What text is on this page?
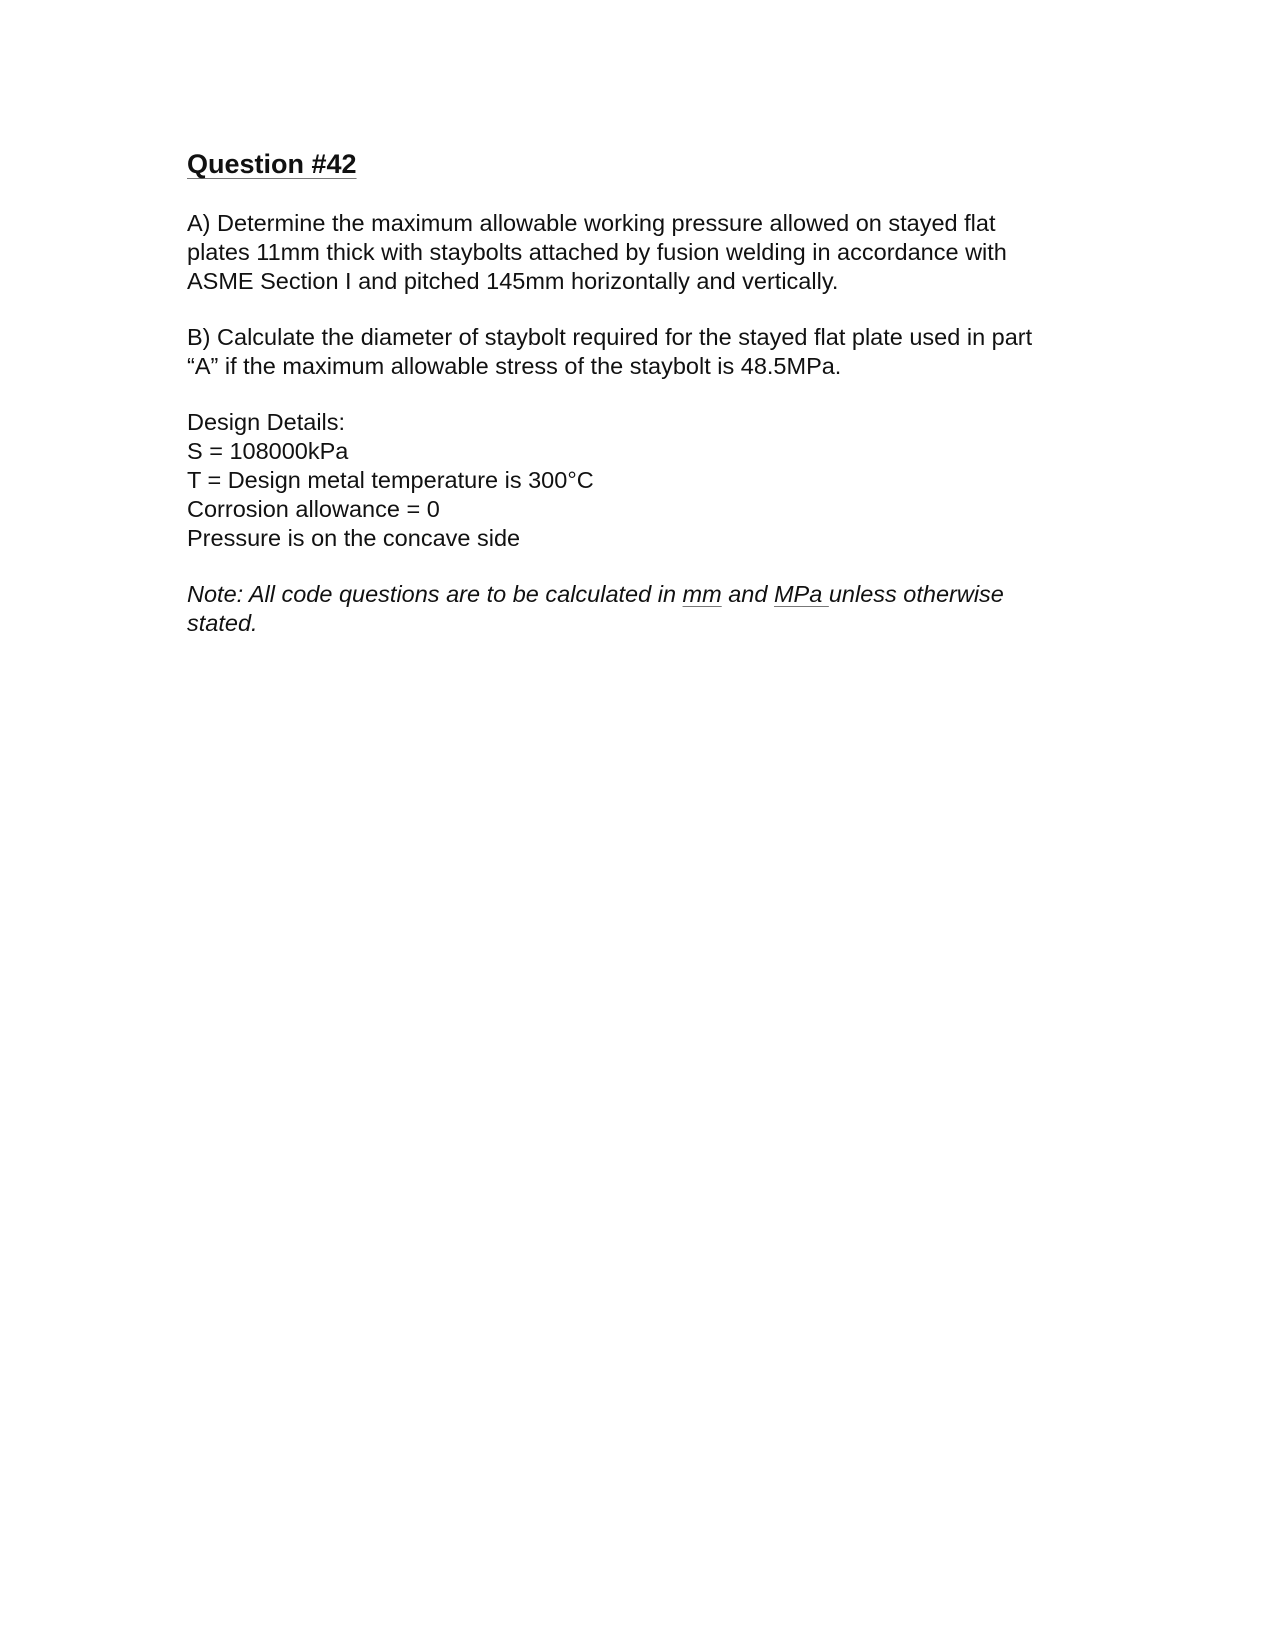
Question #42

A) Determine the maximum allowable working pressure allowed on stayed flat
plates 11mm thick with staybolts attached by fusion welding in accordance with
ASME Section I and pitched 145mm horizontally and vertically.

B) Calculate the diameter of staybolt required for the stayed flat plate used in part
“A” if the maximum allowable stress of the staybolt is 48.5MPa.

Design Details:
S = 108000kPa
T = Design metal temperature is 300°C
Corrosion allowance = 0
Pressure is on the concave side

Note: All code questions are to be calculated in mm and MPa unless otherwise
stated.
